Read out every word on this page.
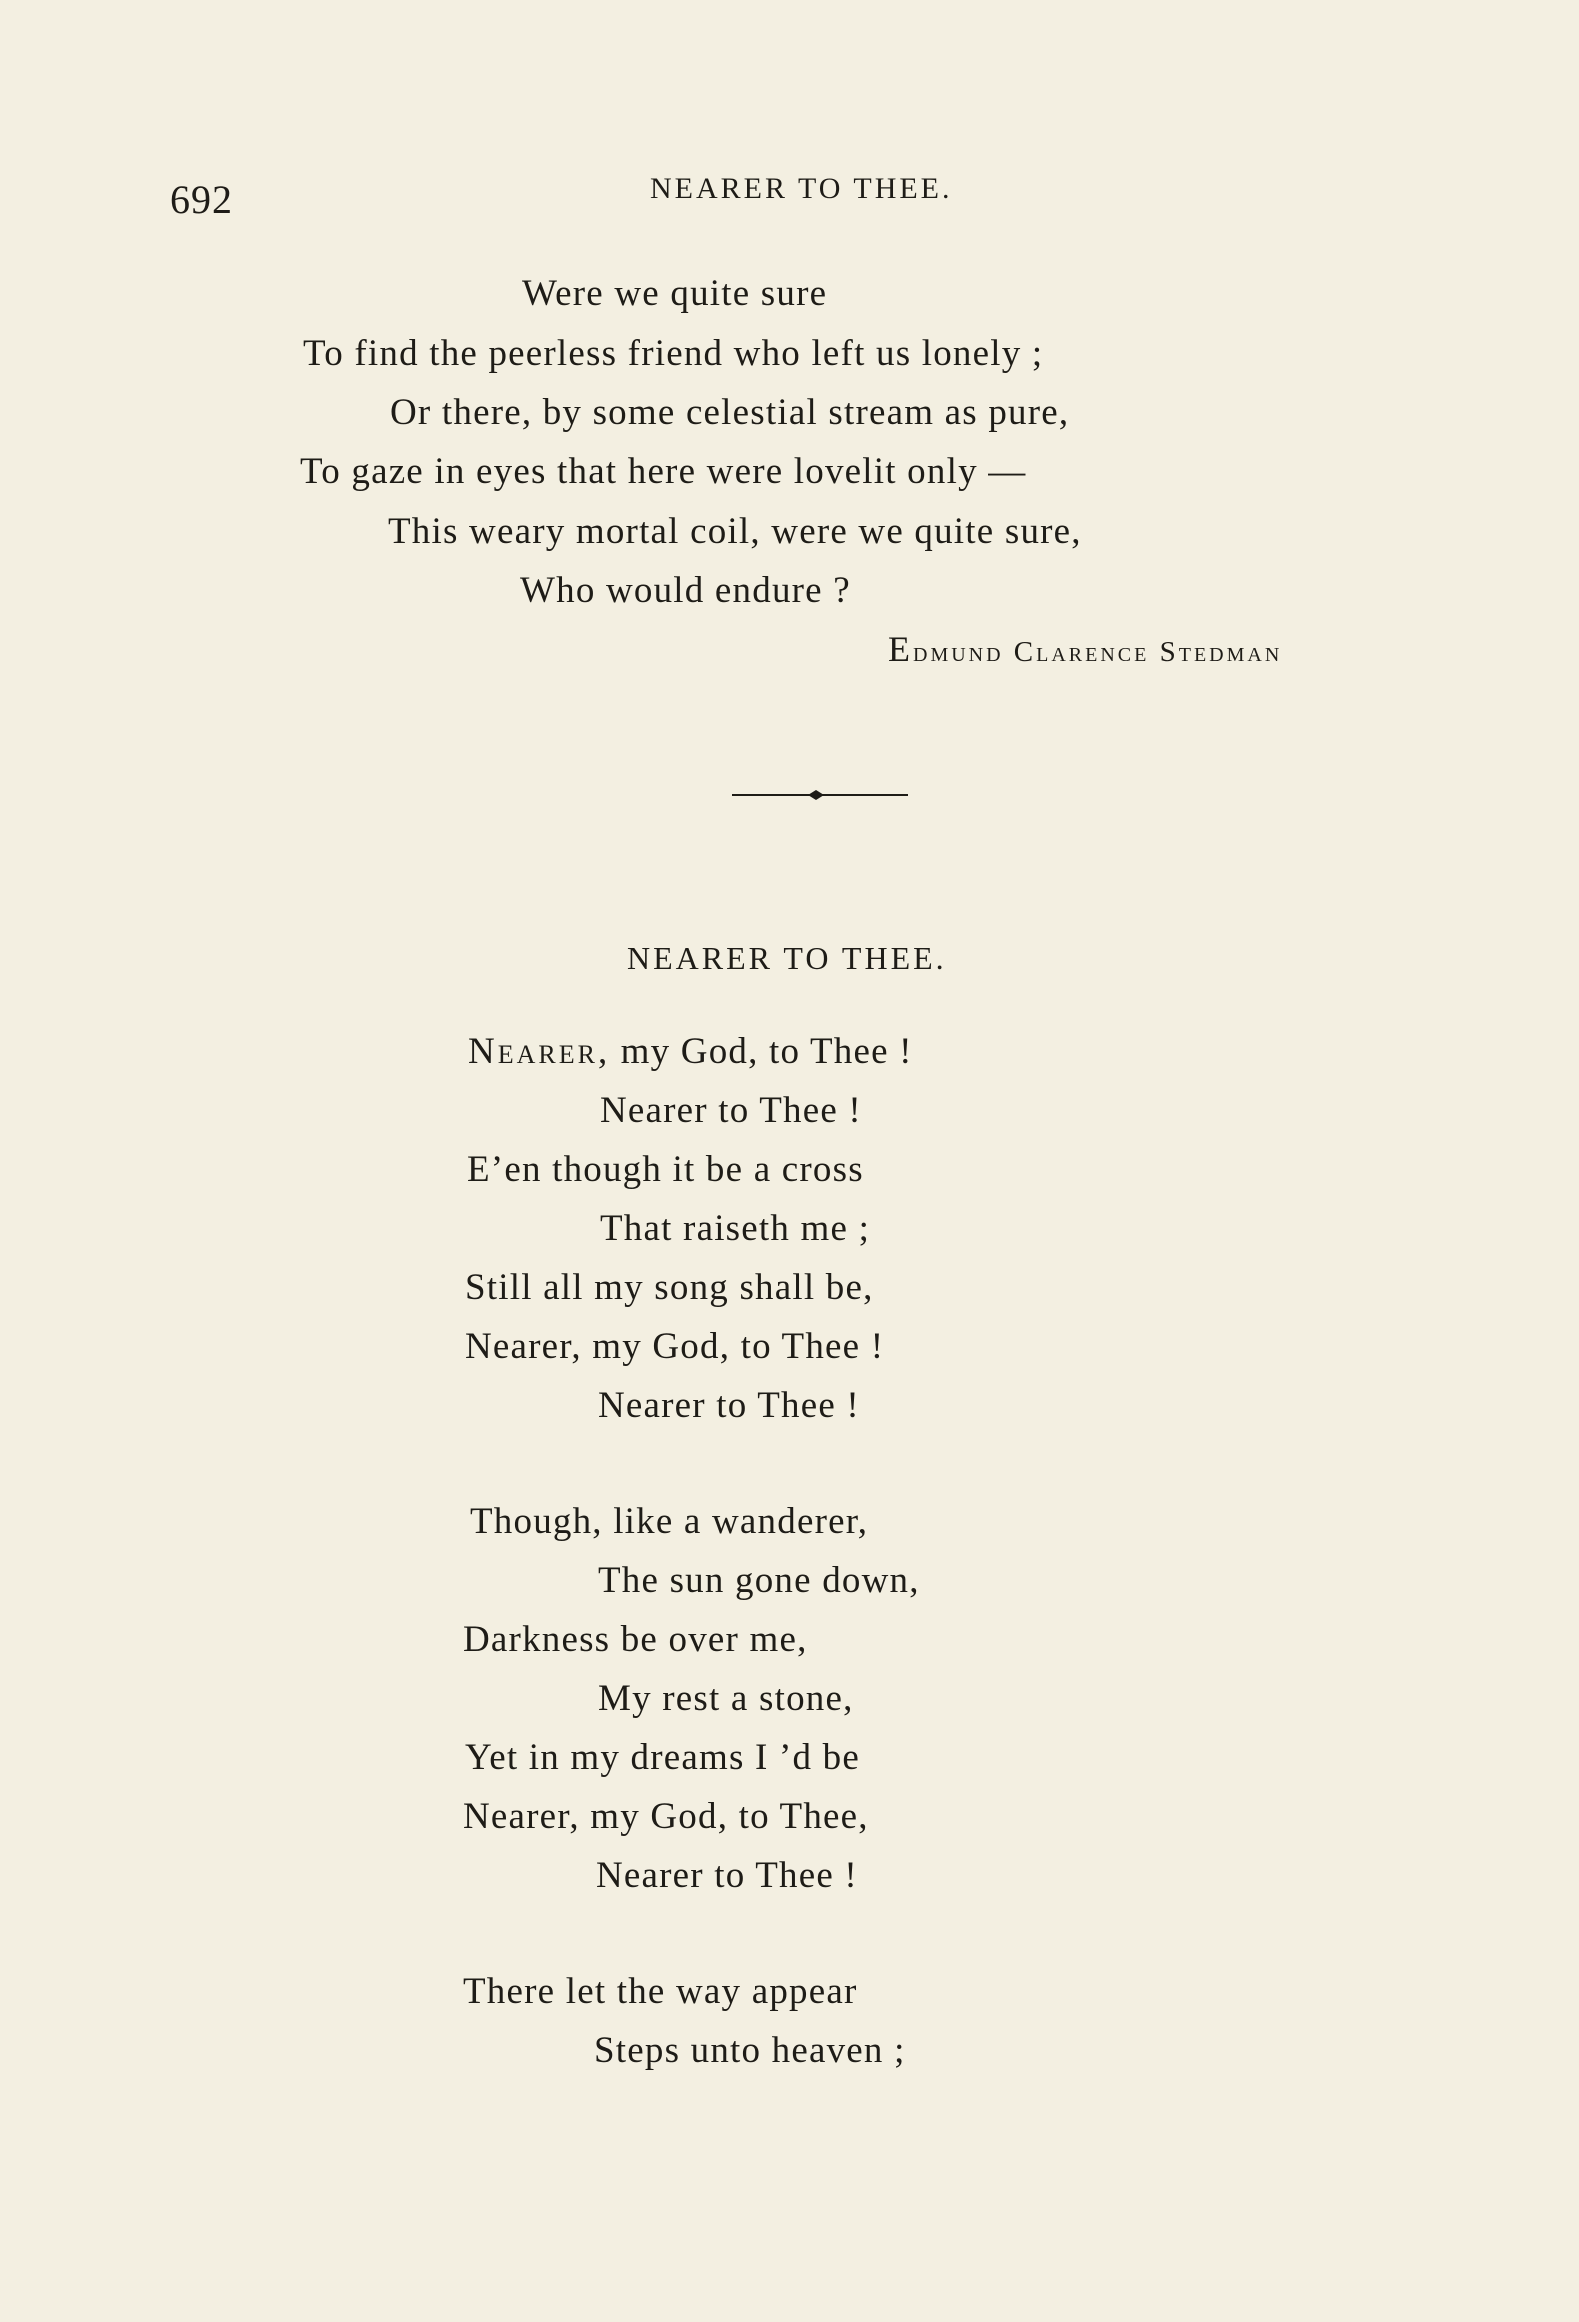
692	NEARER TO THEE.
Were we quite sure
To find the peerless friend who left us lonely ;
Or there, by some celestial stream as pure,
To gaze in eyes that here were lovelit only —
This weary mortal coil, were we quite sure,
Who would endure ?
Edmund Clarence Stedman
NEARER TO THEE.
Nearer, my God, to Thee !
Nearer to Thee !
E’en though it be a cross
That raiseth me ;
Still all my song shall be,
Nearer, my God, to Thee !
Nearer to Thee !
Though, like a wanderer,
The sun gone down,
Darkness be over me,
My rest a stone,
Yet in my dreams I ’d be
Nearer, my God, to Thee,
Nearer to Thee !
There let the way appear
Steps unto heaven ;
